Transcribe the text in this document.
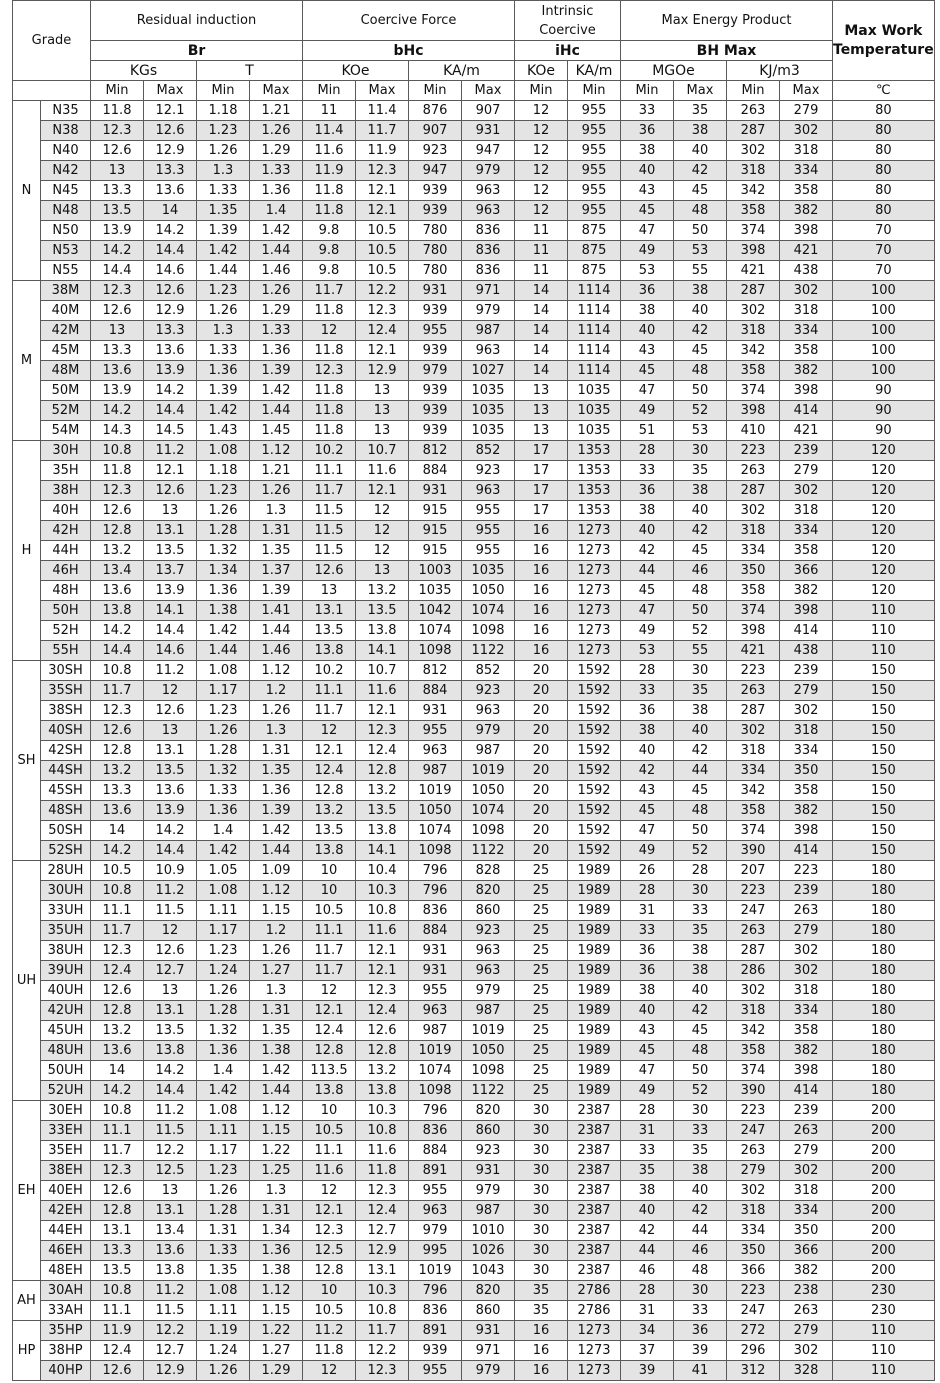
Grade		Residual induction				Coercive Force				Intrinsic Coercive		Max Energy Product				Max Work Temperature
		Br				bHc				iHc		BH Max				
		KGs		T		KOe		KA/m		KOe	KA/m	MGOe		KJ/m3		
		Min	Max	Min	Max	Min	Max	Min	Max	Min	Min	Min	Max	Min	Max	℃
N	N35	11.8	12.1	1.18	1.21	11	11.4	876	907	12	955	33	35	263	279	80
	N38	12.3	12.6	1.23	1.26	11.4	11.7	907	931	12	955	36	38	287	302	80
	N40	12.6	12.9	1.26	1.29	11.6	11.9	923	947	12	955	38	40	302	318	80
	N42	13	13.3	1.3	1.33	11.9	12.3	947	979	12	955	40	42	318	334	80
	N45	13.3	13.6	1.33	1.36	11.8	12.1	939	963	12	955	43	45	342	358	80
	N48	13.5	14	1.35	1.4	11.8	12.1	939	963	12	955	45	48	358	382	80
	N50	13.9	14.2	1.39	1.42	9.8	10.5	780	836	11	875	47	50	374	398	70
	N53	14.2	14.4	1.42	1.44	9.8	10.5	780	836	11	875	49	53	398	421	70
	N55	14.4	14.6	1.44	1.46	9.8	10.5	780	836	11	875	53	55	421	438	70
M	38M	12.3	12.6	1.23	1.26	11.7	12.2	931	971	14	1114	36	38	287	302	100
	40M	12.6	12.9	1.26	1.29	11.8	12.3	939	979	14	1114	38	40	302	318	100
	42M	13	13.3	1.3	1.33	12	12.4	955	987	14	1114	40	42	318	334	100
	45M	13.3	13.6	1.33	1.36	11.8	12.1	939	963	14	1114	43	45	342	358	100
	48M	13.6	13.9	1.36	1.39	12.3	12.9	979	1027	14	1114	45	48	358	382	100
	50M	13.9	14.2	1.39	1.42	11.8	13	939	1035	13	1035	47	50	374	398	90
	52M	14.2	14.4	1.42	1.44	11.8	13	939	1035	13	1035	49	52	398	414	90
	54M	14.3	14.5	1.43	1.45	11.8	13	939	1035	13	1035	51	53	410	421	90
H	30H	10.8	11.2	1.08	1.12	10.2	10.7	812	852	17	1353	28	30	223	239	120
	35H	11.8	12.1	1.18	1.21	11.1	11.6	884	923	17	1353	33	35	263	279	120
	38H	12.3	12.6	1.23	1.26	11.7	12.1	931	963	17	1353	36	38	287	302	120
	40H	12.6	13	1.26	1.3	11.5	12	915	955	17	1353	38	40	302	318	120
	42H	12.8	13.1	1.28	1.31	11.5	12	915	955	16	1273	40	42	318	334	120
	44H	13.2	13.5	1.32	1.35	11.5	12	915	955	16	1273	42	45	334	358	120
	46H	13.4	13.7	1.34	1.37	12.6	13	1003	1035	16	1273	44	46	350	366	120
	48H	13.6	13.9	1.36	1.39	13	13.2	1035	1050	16	1273	45	48	358	382	120
	50H	13.8	14.1	1.38	1.41	13.1	13.5	1042	1074	16	1273	47	50	374	398	110
	52H	14.2	14.4	1.42	1.44	13.5	13.8	1074	1098	16	1273	49	52	398	414	110
	55H	14.4	14.6	1.44	1.46	13.8	14.1	1098	1122	16	1273	53	55	421	438	110
SH	30SH	10.8	11.2	1.08	1.12	10.2	10.7	812	852	20	1592	28	30	223	239	150
	35SH	11.7	12	1.17	1.2	11.1	11.6	884	923	20	1592	33	35	263	279	150
	38SH	12.3	12.6	1.23	1.26	11.7	12.1	931	963	20	1592	36	38	287	302	150
	40SH	12.6	13	1.26	1.3	12	12.3	955	979	20	1592	38	40	302	318	150
	42SH	12.8	13.1	1.28	1.31	12.1	12.4	963	987	20	1592	40	42	318	334	150
	44SH	13.2	13.5	1.32	1.35	12.4	12.8	987	1019	20	1592	42	44	334	350	150
	45SH	13.3	13.6	1.33	1.36	12.8	13.2	1019	1050	20	1592	43	45	342	358	150
	48SH	13.6	13.9	1.36	1.39	13.2	13.5	1050	1074	20	1592	45	48	358	382	150
	50SH	14	14.2	1.4	1.42	13.5	13.8	1074	1098	20	1592	47	50	374	398	150
	52SH	14.2	14.4	1.42	1.44	13.8	14.1	1098	1122	20	1592	49	52	390	414	150
UH	28UH	10.5	10.9	1.05	1.09	10	10.4	796	828	25	1989	26	28	207	223	180
	30UH	10.8	11.2	1.08	1.12	10	10.3	796	820	25	1989	28	30	223	239	180
	33UH	11.1	11.5	1.11	1.15	10.5	10.8	836	860	25	1989	31	33	247	263	180
	35UH	11.7	12	1.17	1.2	11.1	11.6	884	923	25	1989	33	35	263	279	180
	38UH	12.3	12.6	1.23	1.26	11.7	12.1	931	963	25	1989	36	38	287	302	180
	39UH	12.4	12.7	1.24	1.27	11.7	12.1	931	963	25	1989	36	38	286	302	180
	40UH	12.6	13	1.26	1.3	12	12.3	955	979	25	1989	38	40	302	318	180
	42UH	12.8	13.1	1.28	1.31	12.1	12.4	963	987	25	1989	40	42	318	334	180
	45UH	13.2	13.5	1.32	1.35	12.4	12.6	987	1019	25	1989	43	45	342	358	180
	48UH	13.6	13.8	1.36	1.38	12.8	12.8	1019	1050	25	1989	45	48	358	382	180
	50UH	14	14.2	1.4	1.42	113.5	13.2	1074	1098	25	1989	47	50	374	398	180
	52UH	14.2	14.4	1.42	1.44	13.8	13.8	1098	1122	25	1989	49	52	390	414	180
EH	30EH	10.8	11.2	1.08	1.12	10	10.3	796	820	30	2387	28	30	223	239	200
	33EH	11.1	11.5	1.11	1.15	10.5	10.8	836	860	30	2387	31	33	247	263	200
	35EH	11.7	12.2	1.17	1.22	11.1	11.6	884	923	30	2387	33	35	263	279	200
	38EH	12.3	12.5	1.23	1.25	11.6	11.8	891	931	30	2387	35	38	279	302	200
	40EH	12.6	13	1.26	1.3	12	12.3	955	979	30	2387	38	40	302	318	200
	42EH	12.8	13.1	1.28	1.31	12.1	12.4	963	987	30	2387	40	42	318	334	200
	44EH	13.1	13.4	1.31	1.34	12.3	12.7	979	1010	30	2387	42	44	334	350	200
	46EH	13.3	13.6	1.33	1.36	12.5	12.9	995	1026	30	2387	44	46	350	366	200
	48EH	13.5	13.8	1.35	1.38	12.8	13.1	1019	1043	30	2387	46	48	366	382	200
AH	30AH	10.8	11.2	1.08	1.12	10	10.3	796	820	35	2786	28	30	223	238	230
	33AH	11.1	11.5	1.11	1.15	10.5	10.8	836	860	35	2786	31	33	247	263	230
HP	35HP	11.9	12.2	1.19	1.22	11.2	11.7	891	931	16	1273	34	36	272	279	110
	38HP	12.4	12.7	1.24	1.27	11.8	12.2	939	971	16	1273	37	39	296	302	110
	40HP	12.6	12.9	1.26	1.29	12	12.3	955	979	16	1273	39	41	312	328	110
